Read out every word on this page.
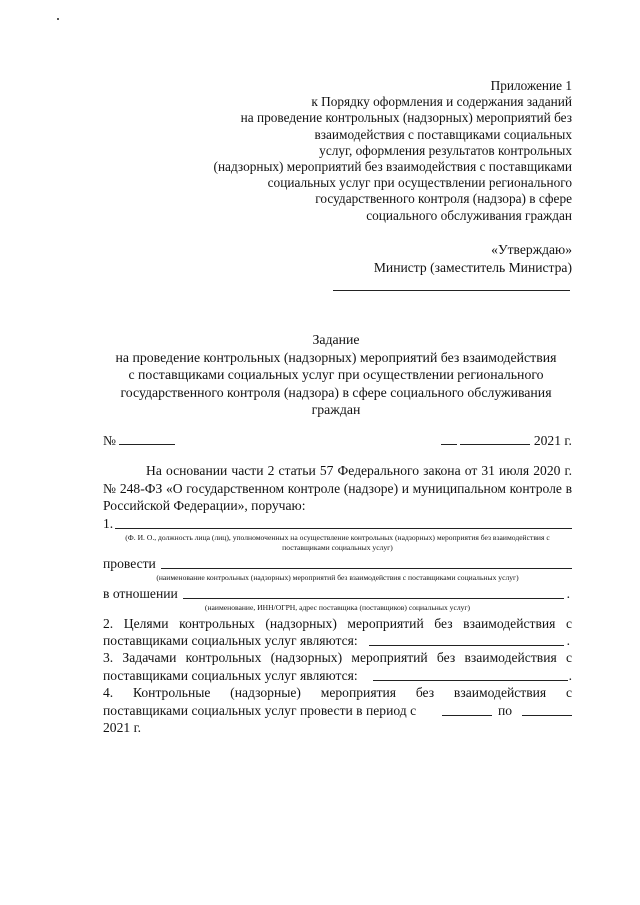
Приложение 1
к Порядку оформления и содержания заданий
на проведение контрольных (надзорных) мероприятий без
взаимодействия с поставщиками социальных
услуг, оформления результатов контрольных
(надзорных) мероприятий без взаимодействия с поставщиками
социальных услуг при осуществлении регионального
государственного контроля (надзора) в сфере
социального обслуживания граждан
«Утверждаю»
Министр (заместитель Министра)
Задание
на проведение контрольных (надзорных) мероприятий без взаимодействия
с поставщиками социальных услуг при осуществлении регионального
государственного контроля (надзора) в сфере социального обслуживания
граждан
№	2021 г.

На основании части 2 статьи 57 Федерального закона от 31 июля 2020 г. № 248-ФЗ «О государственном контроле (надзоре) и муниципальном контроле в Российской Федерации», поручаю:

1.
(Ф. И. О., должность лица (лиц), уполномоченных на осуществление контрольных (надзорных) мероприятия без взаимодействия с поставщиками социальных услуг)
провести
(наименование контрольных (надзорных) мероприятий без взаимодействия с поставщиками социальных услуг)
в отношении	.
(наименование, ИНН/ОГРН, адрес поставщика (поставщиков) социальных услуг)
2. Целями контрольных (надзорных) мероприятий без взаимодействия с
поставщиками социальных услуг являются:	.
3. Задачами контрольных (надзорных) мероприятий без взаимодействия с
поставщиками социальных услуг являются:	.
4. Контрольные (надзорные) мероприятия без взаимодействия с
поставщиками социальных услуг провести в период с	по
2021 г.
